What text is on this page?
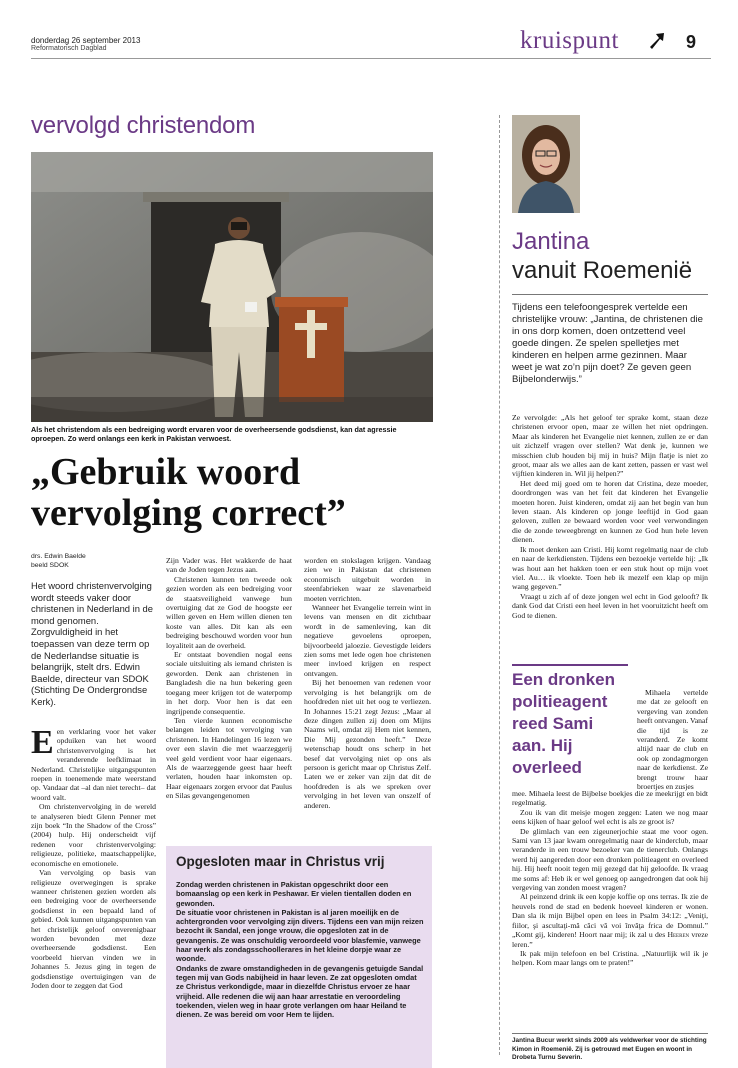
donderdag 26 september 2013
Reformatorisch Dagblad	kruispunt	9
vervolgd christendom
Als het christendom als een bedreiging wordt ervaren voor de overheersende godsdienst, kan dat agressie oproepen. Zo werd onlangs een kerk in Pakistan verwoest.
„Gebruik woord
vervolging correct”
drs. Edwin Baelde
beeld SDOK
Het woord christenvervolging wordt steeds vaker door christenen in Nederland in de mond genomen. Zorgvuldigheid in het toepassen van deze term op de Nederlandse situatie is belangrijk, stelt drs. Edwin Baelde, directeur van SDOK (Stichting De Ondergrondse Kerk).

Een verklaring voor het vaker opduiken van het woord christenvervolging is het veranderende leefklimaat in Nederland. Christelijke uitgangspunten roepen in toenemende mate weerstand op. Vandaar dat –al dan niet terecht– dat woord valt.

Om christenvervolging in de wereld te analyseren biedt Glenn Penner met zijn boek “In the Shadow of the Cross” (2004) hulp. Hij onderscheidt vijf redenen voor christenvervolging: religieuze, politieke, maatschappelijke, economische en emotionele.

Van vervolging op basis van religieuze overwegingen is sprake wanneer christenen gezien worden als een bedreiging voor de overheersende godsdienst in een bepaald land of gebied. Ook kunnen uitgangspunten van het christelijk geloof onverenigbaar worden bevonden met deze overheersende godsdienst. Een voorbeeld hiervan vinden we in Johannes 5. Jezus ging in tegen de godsdienstige overtuigingen van de Joden door te zeggen dat God

Zijn Vader was. Het wakkerde de haat van de Joden tegen Jezus aan.

Christenen kunnen ten tweede ook gezien worden als een bedreiging voor de staatsveiligheid vanwege hun overtuiging dat ze God de hoogste eer willen geven en Hem willen dienen ten koste van alles. Dit kan als een bedreiging beschouwd worden voor hun loyaliteit aan de overheid.

Er ontstaat bovendien nogal eens sociale uitsluiting als iemand christen is geworden. Denk aan christenen in Bangladesh die na hun bekering geen toegang meer krijgen tot de waterpomp in het dorp. Voor hen is dat een ingrijpende consequentie.

Ten vierde kunnen economische belangen leiden tot vervolging van christenen. In Handelingen 16 lezen we over een slavin die met waarzeggerij veel geld verdient voor haar eigenaars. Als de waarzeggende geest haar heeft verlaten, houden haar inkomsten op. Haar eigenaars zorgen ervoor dat Paulus en Silas gevangengenomen

worden en stokslagen krijgen. Vandaag zien we in Pakistan dat christenen economisch uitgebuit worden in steenfabrieken waar ze slavenarbeid moeten verrichten.

Wanneer het Evangelie terrein wint in levens van mensen en dit zichtbaar wordt in de samenleving, kan dit negatieve gevoelens oproepen, bijvoorbeeld jaloezie. Gevestigde leiders zien soms met lede ogen hoe christenen meer invloed krijgen en respect ontvangen.

Bij het benoemen van redenen voor vervolging is het belangrijk om de hoofdreden niet uit het oog te verliezen. In Johannes 15:21 zegt Jezus: „Maar al deze dingen zullen zij doen om Mijns Naams wil, omdat zij Hem niet kennen, Die Mij gezonden heeft.” Deze wetenschap houdt ons scherp in het besef dat vervolging niet op ons als persoon is gericht maar op Christus Zelf. Laten we er zeker van zijn dat dit de hoofdreden is als we spreken over vervolging in het leven van onszelf of anderen.

Opgesloten maar in Christus vrij

Zondag werden christenen in Pakistan opgeschrikt door een bomaanslag op een kerk in Peshawar. Er vielen tientallen doden en gewonden.

De situatie voor christenen in Pakistan is al jaren moeilijk en de achtergronden voor vervolging zijn divers. Tijdens een van mijn reizen bezocht ik Sandal, een jonge vrouw, die opgesloten zat in de gevangenis. Ze was onschuldig veroordeeld voor blasfemie, vanwege haar werk als zondagsschoollerares in het kleine dorpje waar ze woonde.

Ondanks de zware omstandigheden in de gevangenis getuigde Sandal tegen mij van Gods nabijheid in haar leven. Ze zat opgesloten omdat ze Christus verkondigde, maar in diezelfde Christus ervoer ze haar vrijheid. Alle redenen die wij aan haar arrestatie en veroordeling toekenden, vielen weg in haar grote verlangen om haar Heiland te dienen. Ze was bereid om voor Hem te lijden.

Jantina
vanuit Roemenië
Tijdens een telefoongesprek vertelde een christelijke vrouw: „Jantina, de christenen die in ons dorp komen, doen ontzettend veel goede dingen. Ze spelen spelletjes met kinderen en helpen arme gezinnen. Maar weet je wat zo’n pijn doet? Ze geven geen Bijbelonderwijs.”

Ze vervolgde: „Als het geloof ter sprake komt, staan deze christenen ervoor open, maar ze willen het niet opdringen. Maar als kinderen het Evangelie niet kennen, zullen ze er dan uit zichzelf vragen over stellen? Wat denk je, kunnen we misschien club houden bij mij in huis? Mijn flatje is niet zo groot, maar als we alles aan de kant zetten, passen er vast wel vijftien kinderen in. Wil jij helpen?”

Het deed mij goed om te horen dat Cristina, deze moeder, doordrongen was van het feit dat kinderen het Evangelie moeten horen. Juist kinderen, omdat zij aan het begin van hun leven staan. Als kinderen op jonge leeftijd in God gaan geloven, zullen ze bewaard worden voor veel verwondingen die de zonde teweegbrengt en kunnen ze God hun hele leven dienen.

Ik moet denken aan Cristi. Hij komt regelmatig naar de club en naar de kerkdiensten. Tijdens een bezoekje vertelde hij: „Ik was hout aan het hakken toen er een stuk hout op mijn voet viel. Au… ik vloekte. Toen heb ik mezelf een klap op mijn wang gegeven.”

Vraagt u zich af of deze jongen wel echt in God gelooft? Ik dank God dat Cristi een heel leven in het vooruitzicht heeft om God te dienen.

Een dronken politieagent reed Sami aan. Hij overleed

Mihaela vertelde me dat ze gelooft en vergeving van zonden heeft ontvangen. Vanaf die tijd is ze veranderd. Ze komt altijd naar de club en ook op zondagmorgen naar de kerkdienst. Ze brengt trouw haar broertjes en zusjes

mee. Mihaela leest de Bijbelse boekjes die ze meekrijgt en bidt regelmatig.

Zou ik van dit meisje mogen zeggen: Laten we nog maar eens kijken of haar geloof wel echt is als ze groot is?

De glimlach van een zigeunerjochie staat me voor ogen. Sami van 13 jaar kwam onregelmatig naar de kinderclub, maar veranderde in een trouw bezoeker van de tienerclub. Onlangs werd hij aangereden door een dronken politieagent en overleed hij. Hij heeft nooit tegen mij gezegd dat hij geloofde. Ik vraag me soms af: Heb ik er wel genoeg op aangedrongen dat ook hij vergeving van zonden moest vragen?

Al peinzend drink ik een kopje koffie op ons terras. Ik zie de heuvels rond de stad en bedenk hoeveel kinderen er wonen. Dan sla ik mijn Bijbel open en lees in Psalm 34:12: „Veniţi, fiilor, şi ascultaţi-mă căci vă voi învăţa frica de Domnul.” „Komt gij, kinderen! Hoort naar mij; ik zal u des Heeren vreze leren.”

Ik pak mijn telefoon en bel Cristina. „Natuurlijk wil ik je helpen. Kom maar langs om te praten!”

Jantina Bucur werkt sinds 2009 als veldwerker voor de stichting Kimon in Roemenië. Zij is getrouwd met Eugen en woont in Drobeta Turnu Severin.
